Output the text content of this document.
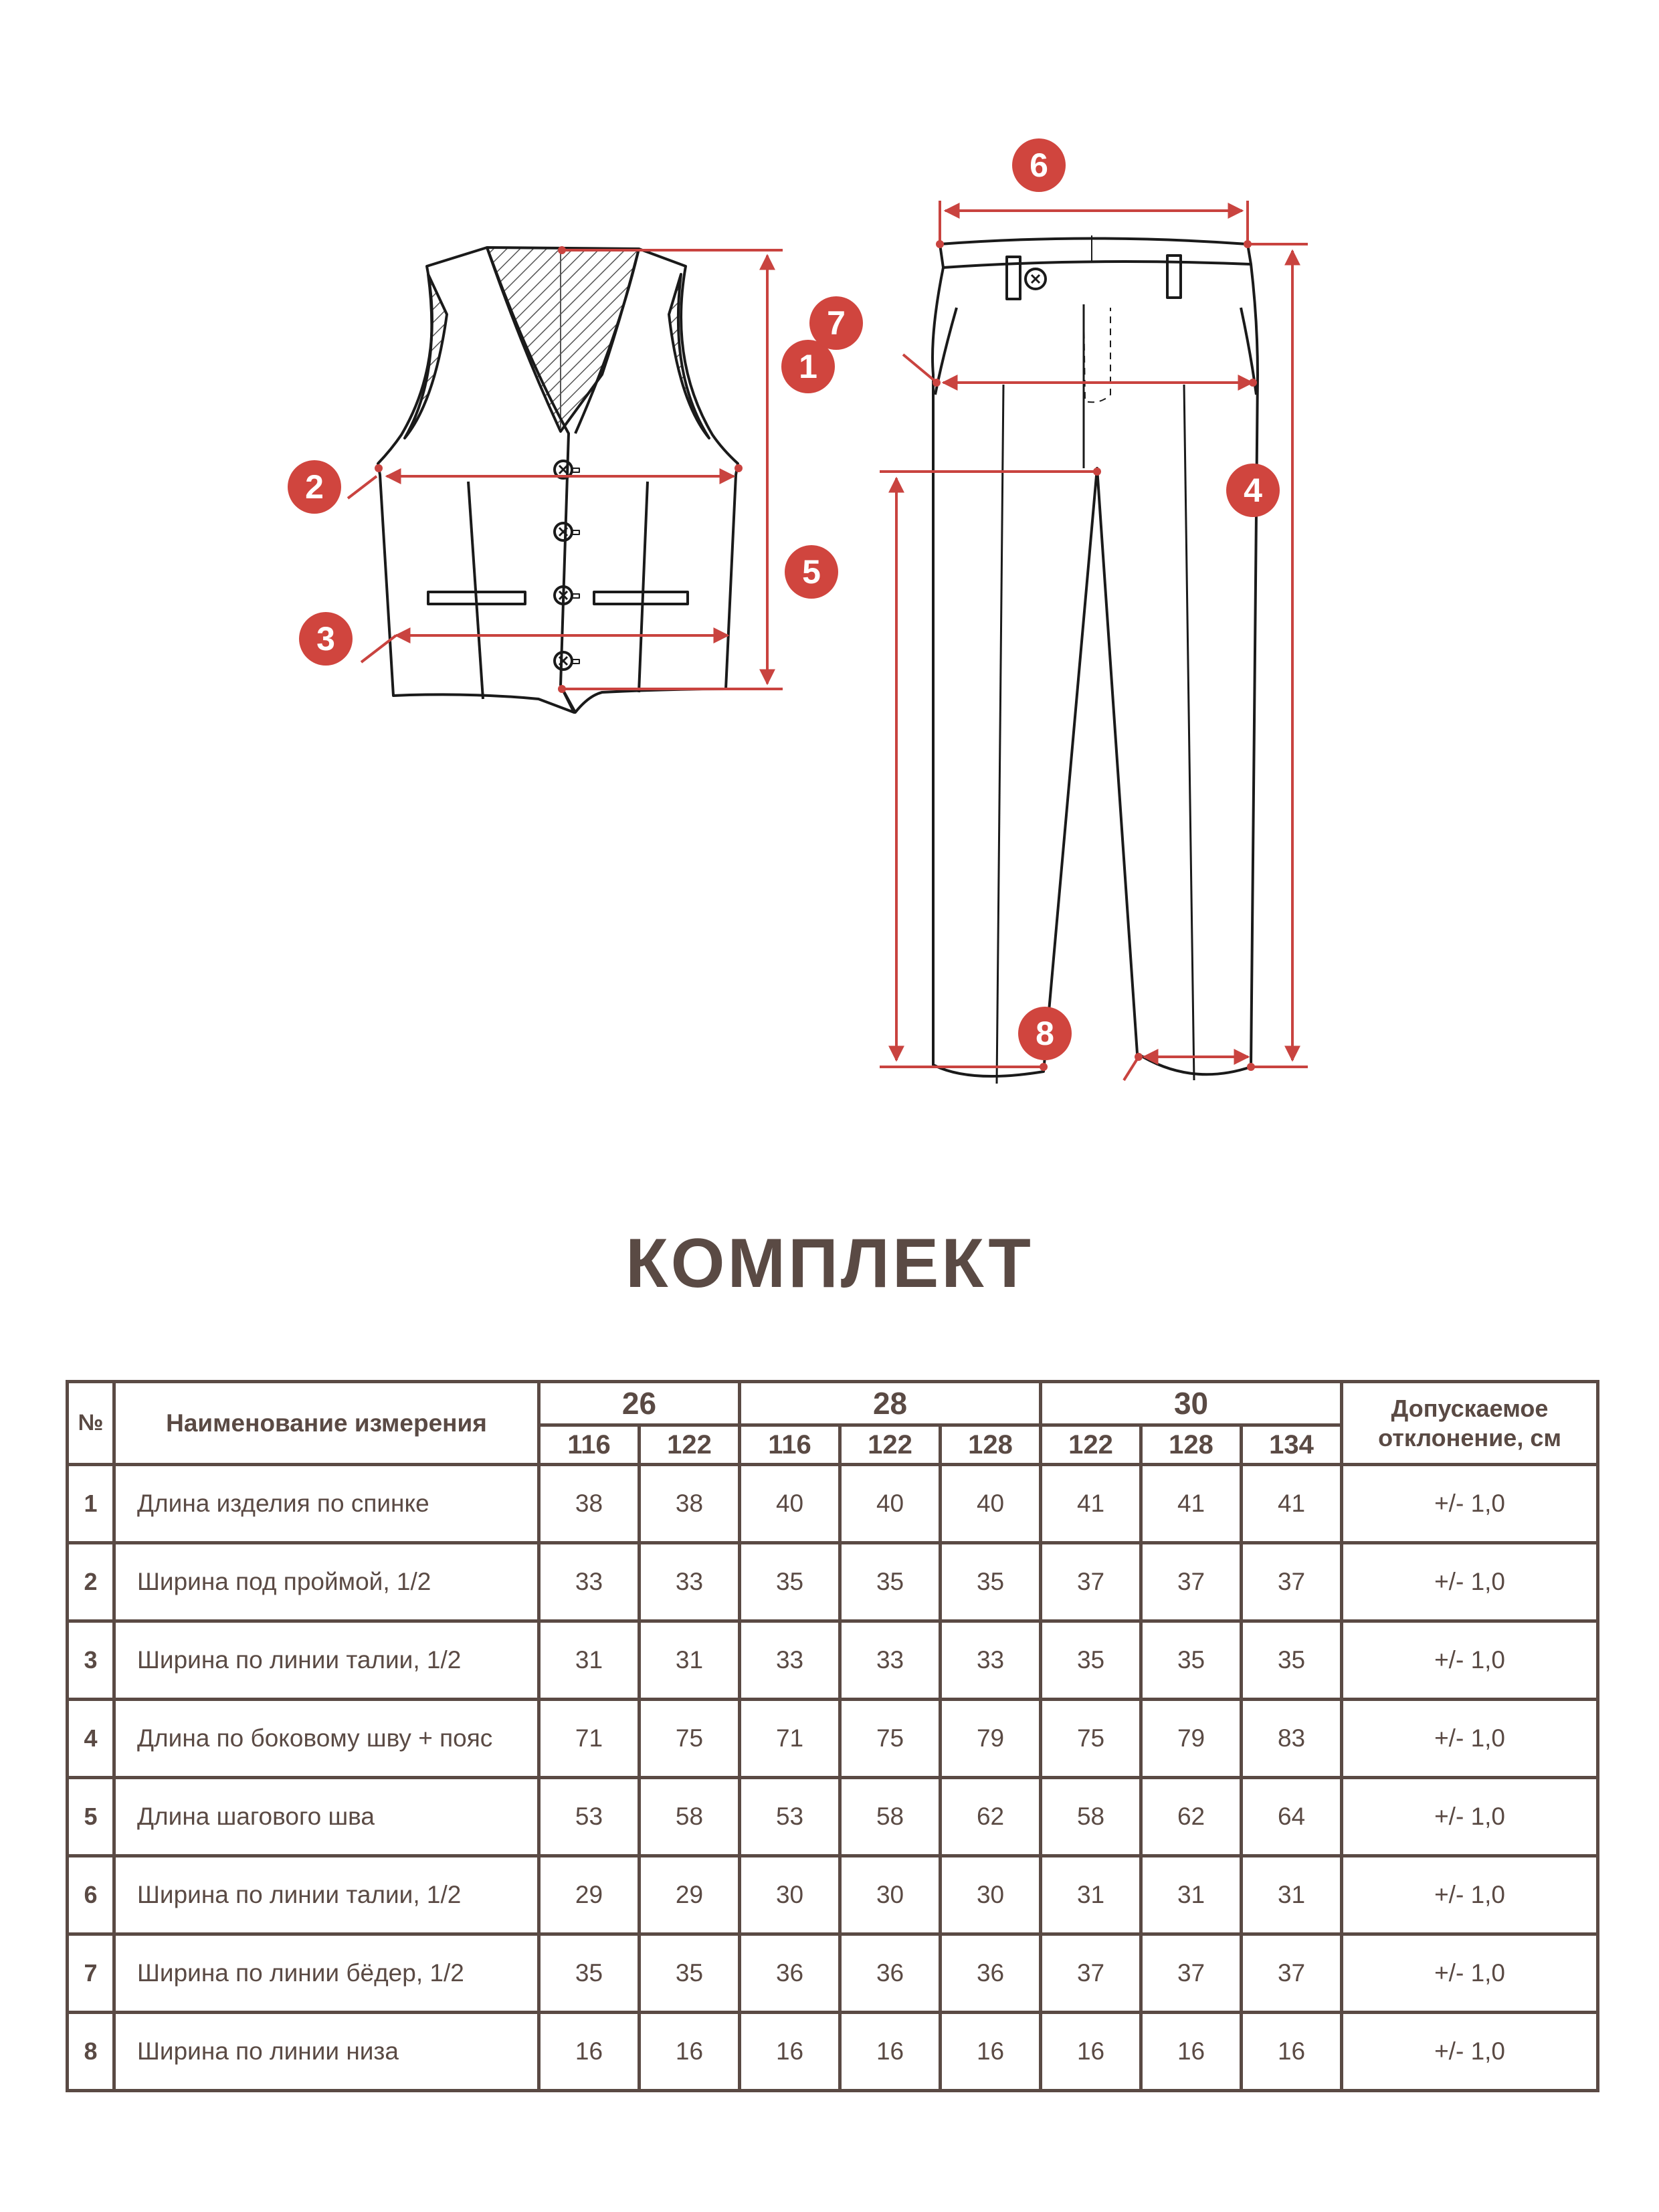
1
2
3
4
5
6
7
8
КОМПЛЕКТ
№	Наименование измерения	26		28			30			Допускаемое отклонение, см
		116	122	116	122	128	122	128	134	
1	Длина изделия по спинке	38	38	40	40	40	41	41	41	+/- 1,0
2	Ширина под проймой, 1/2	33	33	35	35	35	37	37	37	+/- 1,0
3	Ширина по линии талии, 1/2	31	31	33	33	33	35	35	35	+/- 1,0
4	Длина по боковому шву + пояс	71	75	71	75	79	75	79	83	+/- 1,0
5	Длина шагового шва	53	58	53	58	62	58	62	64	+/- 1,0
6	Ширина по линии талии, 1/2	29	29	30	30	30	31	31	31	+/- 1,0
7	Ширина по линии бёдер, 1/2	35	35	36	36	36	37	37	37	+/- 1,0
8	Ширина по линии низа	16	16	16	16	16	16	16	16	+/- 1,0
